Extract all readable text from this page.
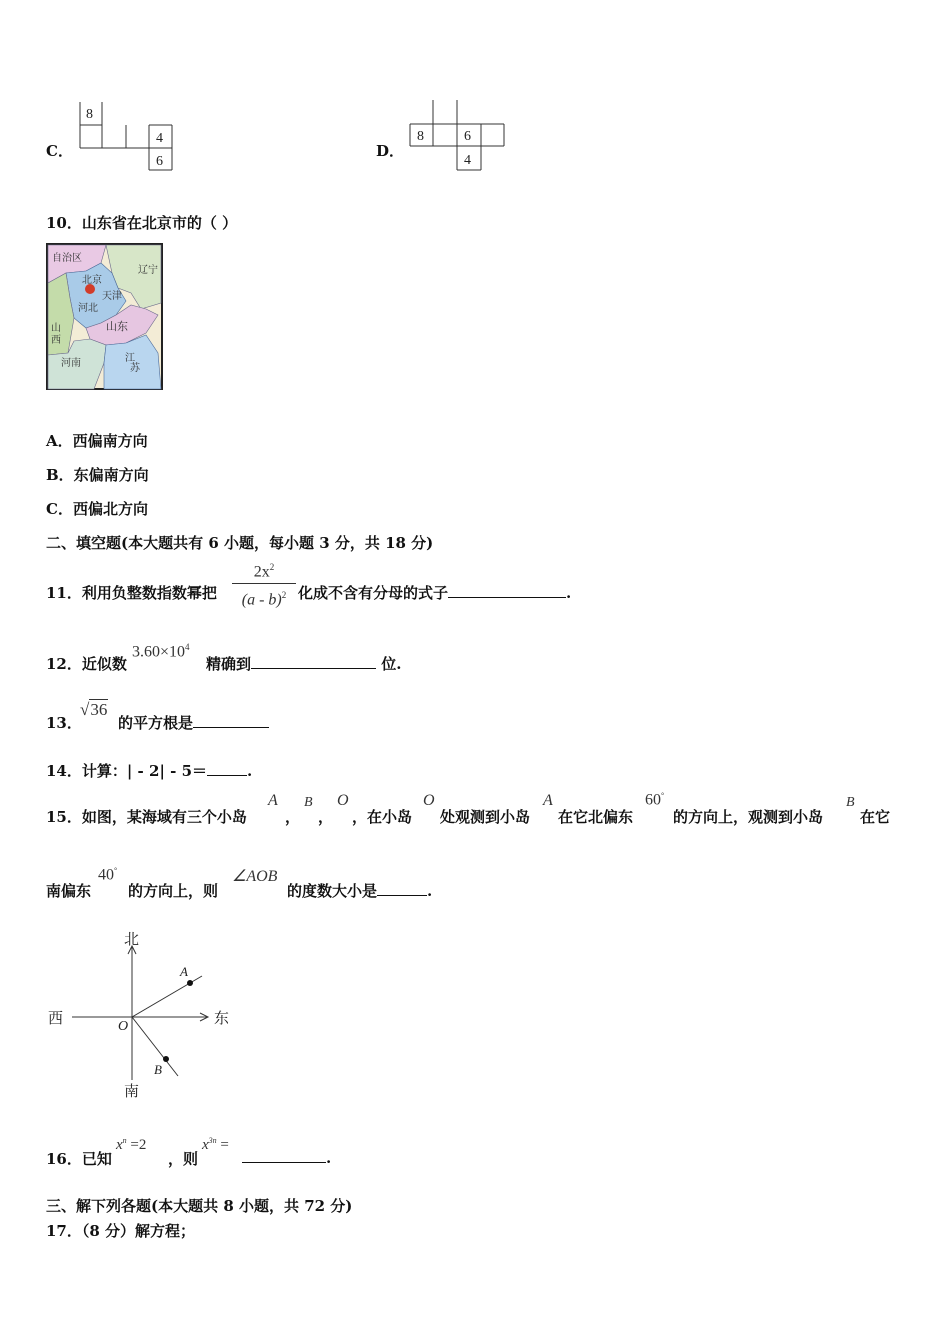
C．
8
4
6
D．
8	6
4
10．山东省在北京市的（ ）
自治区
北京
辽宁
天津
河北
山
西
山东
河南	江
苏
A．西偏南方向
B．东偏南方向
C．西偏北方向
二、填空题(本大题共有 6 小题，每小题 3 分，共 18 分)
11．利用负整数指数幂把
$2x^2$
(a - b)$^2$ 化成不含有分母的式子	.
12．近似数
$3.60\times 10^4$
精确到	位.
13．
√36
的平方根是
14．计算：| - 2| - 5＝	.
15．如图，某海域有三个小岛
A
，
B
，
O
，在小岛
O
处观测到小岛
A
在它北偏东
60°
的方向上，观测到小岛
B
在它
南偏东
40°
的方向上，则
∠AOB
的度数大小是	.
北
南
西	东
O
A
B
16．已知
$x^n =2$
，则
$x^{3n}$ =
.
三、解下列各题(本大题共 8 小题，共 72 分)
17．（8 分）解方程；
